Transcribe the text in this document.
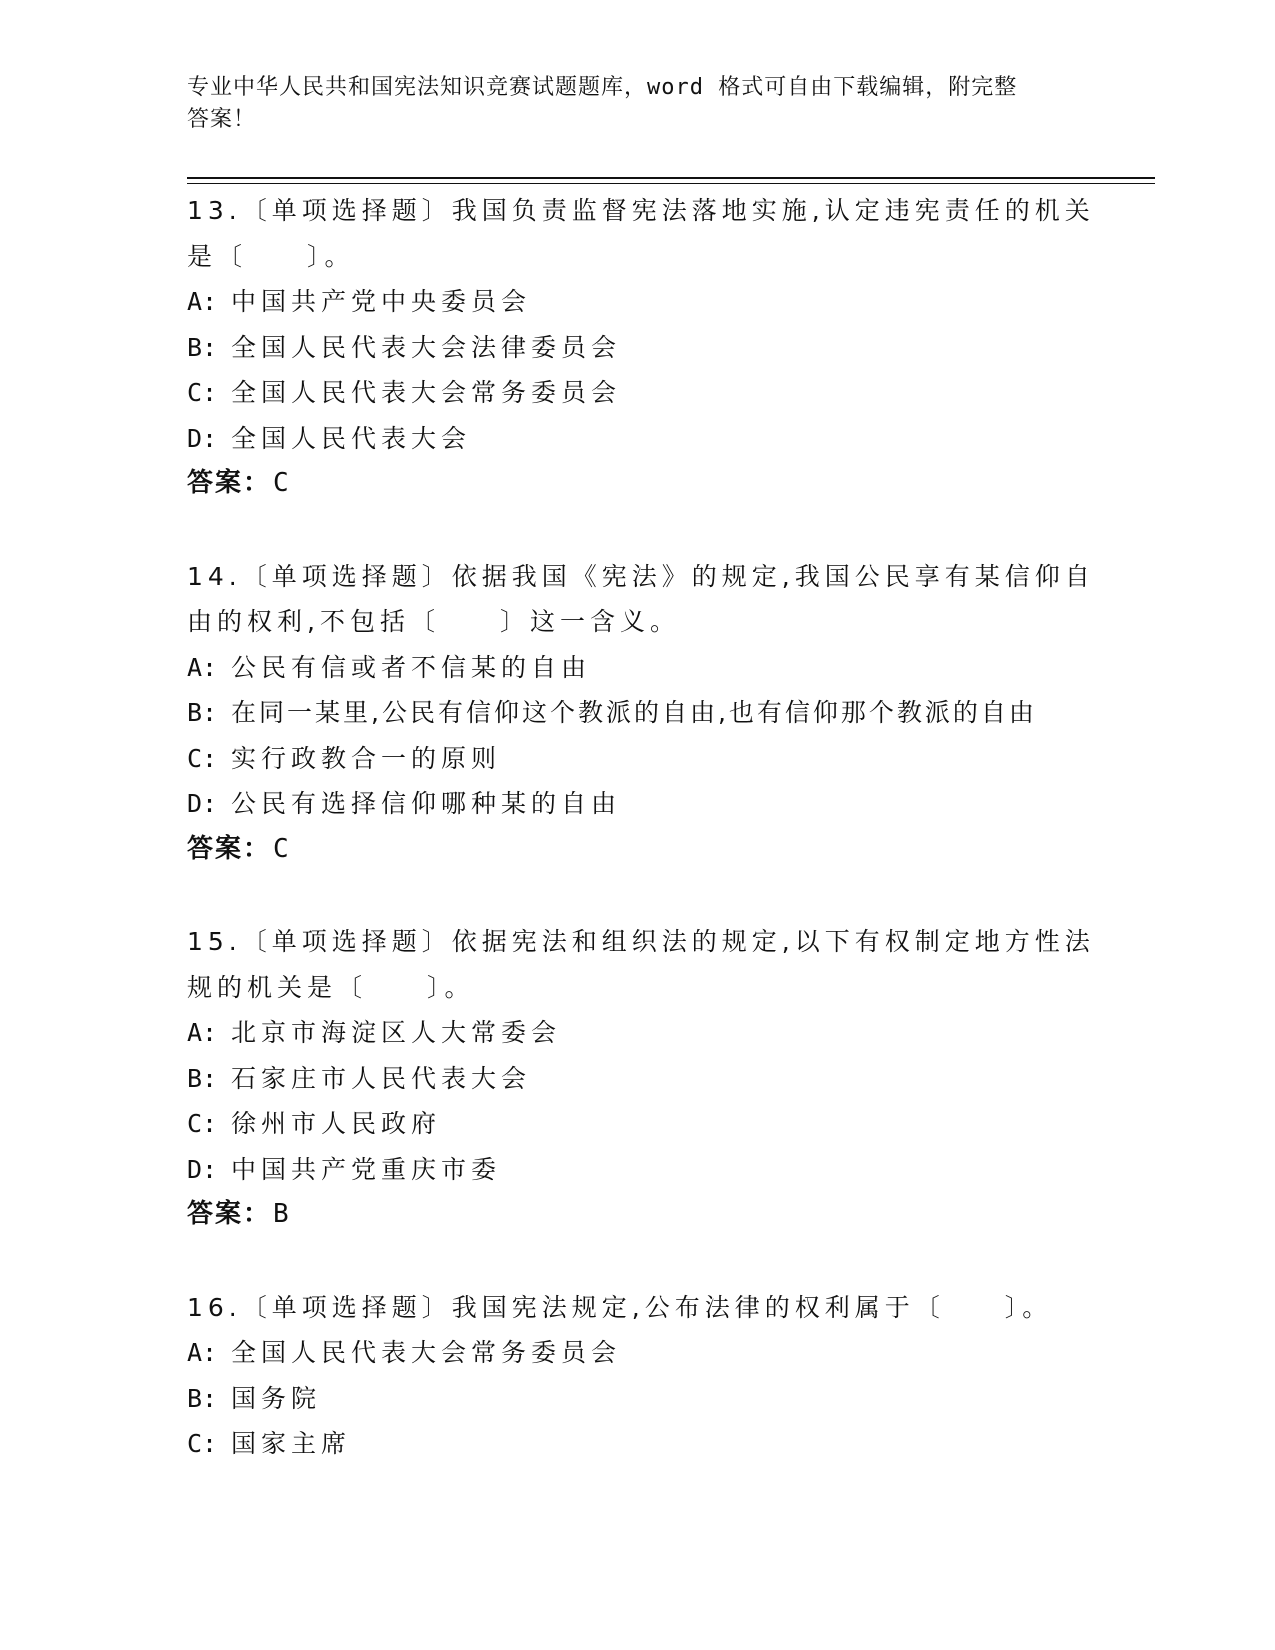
专业中华人民共和国宪法知识竞赛试题题库，word 格式可自由下载编辑，附完整
答案！
13.〔单项选择题〕我国负责监督宪法落地实施,认定违宪责任的机关
是〔　　〕。
A: 中国共产党中央委员会
B: 全国人民代表大会法律委员会
C: 全国人民代表大会常务委员会
D: 全国人民代表大会
答案：C
14.〔单项选择题〕依据我国《宪法》的规定,我国公民享有某信仰自
由的权利,不包括〔　　〕这一含义。
A: 公民有信或者不信某的自由
B: 在同一某里,公民有信仰这个教派的自由,也有信仰那个教派的自由
C: 实行政教合一的原则
D: 公民有选择信仰哪种某的自由
答案：C
15.〔单项选择题〕依据宪法和组织法的规定,以下有权制定地方性法
规的机关是〔　　〕。
A: 北京市海淀区人大常委会
B: 石家庄市人民代表大会
C: 徐州市人民政府
D: 中国共产党重庆市委
答案：B
16.〔单项选择题〕我国宪法规定,公布法律的权利属于〔　　〕。
A: 全国人民代表大会常务委员会
B: 国务院
C: 国家主席
